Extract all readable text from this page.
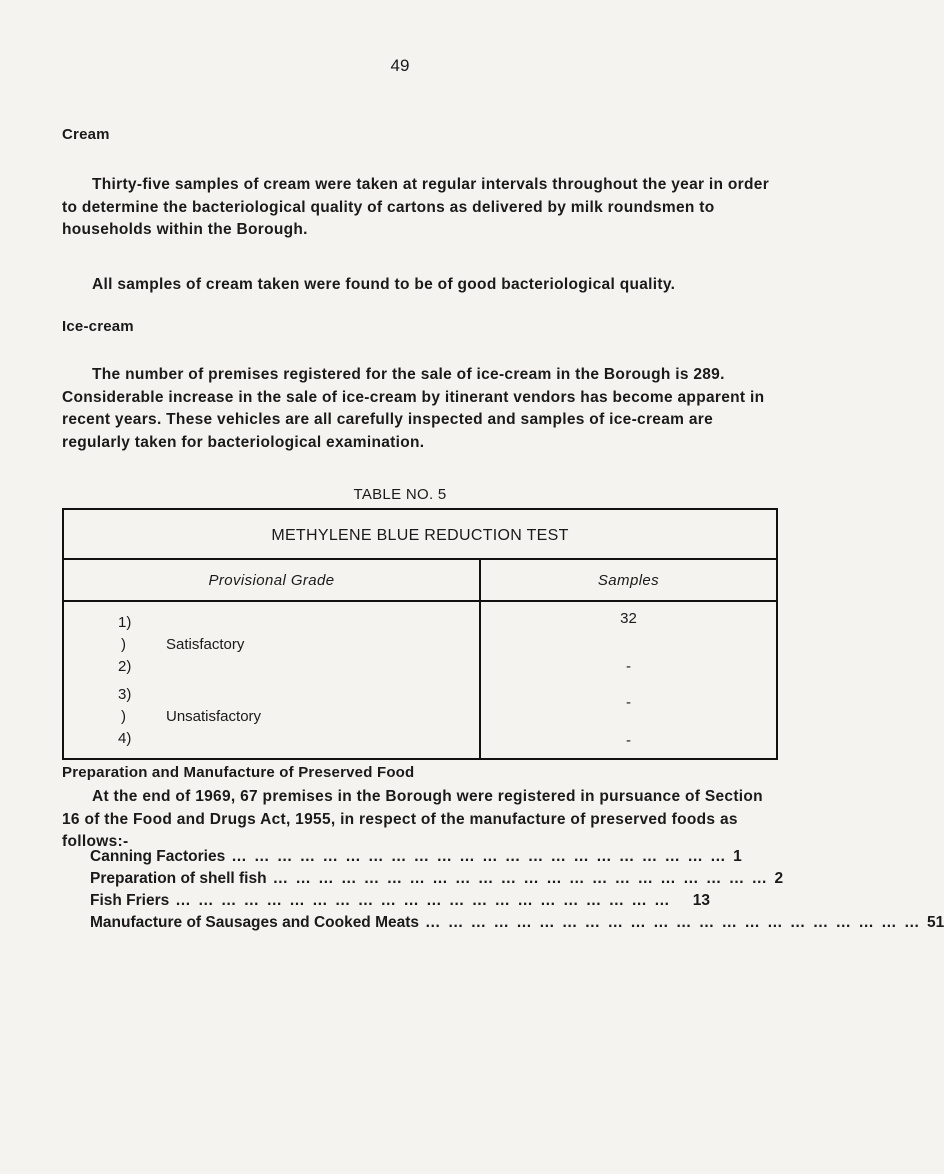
49
Cream
Thirty-five samples of cream were taken at regular intervals throughout the year in order to determine the bacteriological quality of cartons as delivered by milk roundsmen to households within the Borough.
All samples of cream taken were found to be of good bacteriological quality.
Ice-cream
The number of premises registered for the sale of ice-cream in the Borough is 289. Considerable increase in the sale of ice-cream by itinerant vendors has become apparent in recent years. These vehicles are all carefully inspected and samples of ice-cream are regularly taken for bacteriological examination.
TABLE NO. 5
METHYLENE BLUE REDUCTION TEST
Provisional Grade	Samples
1)
)
2)
Satisfactory
3)
)
4)
Unsatisfactory
32
-
-
-
Preparation and Manufacture of Preserved Food
At the end of 1969, 67 premises in the Borough were registered in pursuance of Section 16 of the Food and Drugs Act, 1955, in respect of the manufacture of preserved foods as follows:-
Canning Factories … … … … … … … … … … … … … … … … … … … … … … 1
Preparation of shell fish … … … … … … … … … … … … … … … … … … … … … … 2
Fish Friers … … … … … … … … … … … … … … … … … … … … … …	13
Manufacture of Sausages and Cooked Meats … … … … … … … … … … … … … … … … … … … … … … 51
